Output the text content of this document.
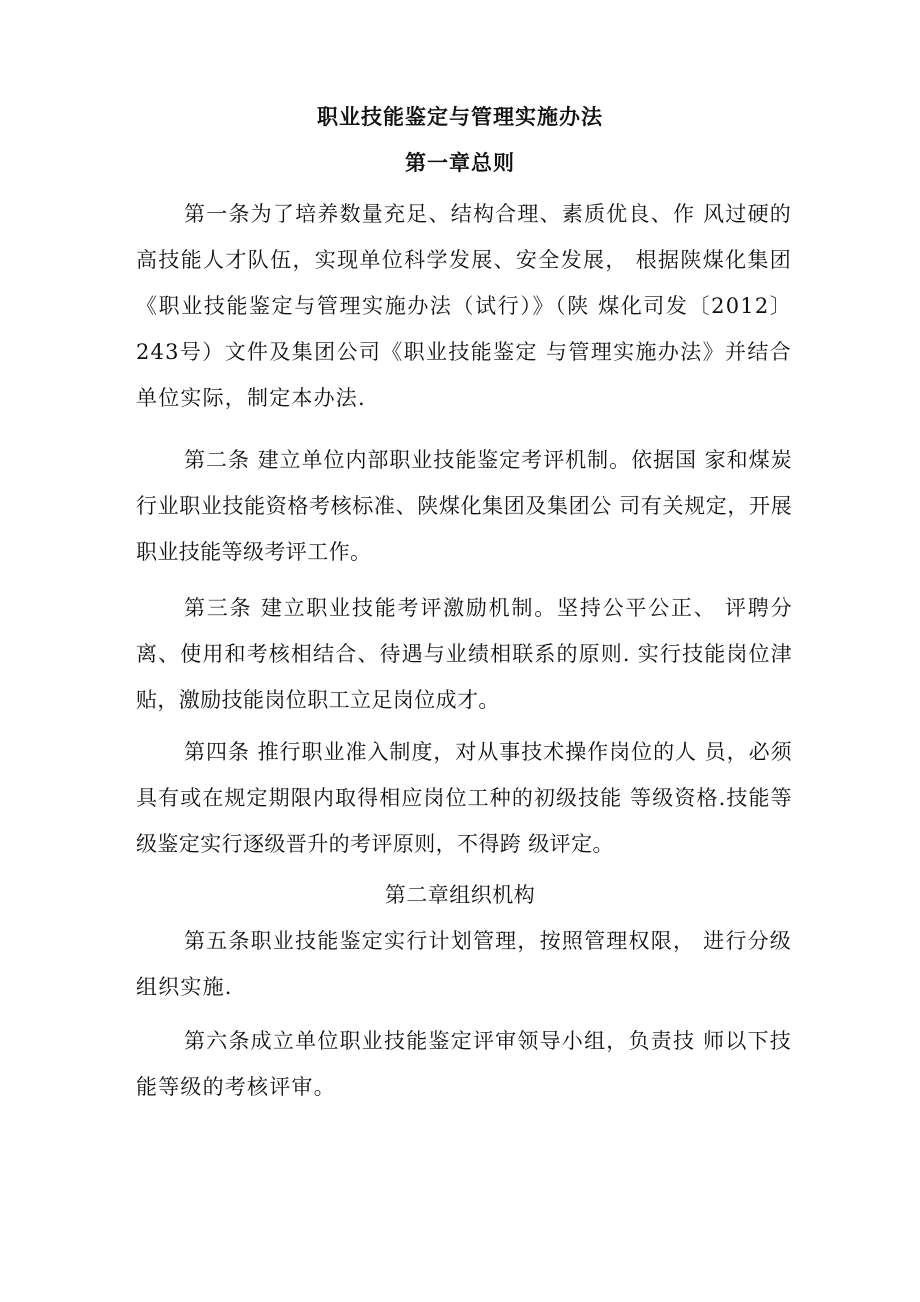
职业技能鉴定与管理实施办法
第一章总则

第一条为了培养数量充足、结构合理、素质优良、作 风过硬的高技能人才队伍，实现单位科学发展、安全发展， 根据陕煤化集团《职业技能鉴定与管理实施办法（试行）》（陕 煤化司发〔2012〕243号）文件及集团公司《职业技能鉴定 与管理实施办法》并结合单位实际，制定本办法.

第二条 建立单位内部职业技能鉴定考评机制。依据国 家和煤炭行业职业技能资格考核标准、陕煤化集团及集团公 司有关规定，开展职业技能等级考评工作。

第三条 建立职业技能考评激励机制。坚持公平公正、 评聘分离、使用和考核相结合、待遇与业绩相联系的原则. 实行技能岗位津贴，激励技能岗位职工立足岗位成才。

第四条 推行职业准入制度，对从事技术操作岗位的人 员，必须具有或在规定期限内取得相应岗位工种的初级技能 等级资格.技能等级鉴定实行逐级晋升的考评原则，不得跨 级评定。

第二章组织机构

第五条职业技能鉴定实行计划管理，按照管理权限， 进行分级组织实施.

第六条成立单位职业技能鉴定评审领导小组，负责技 师以下技能等级的考核评审。
